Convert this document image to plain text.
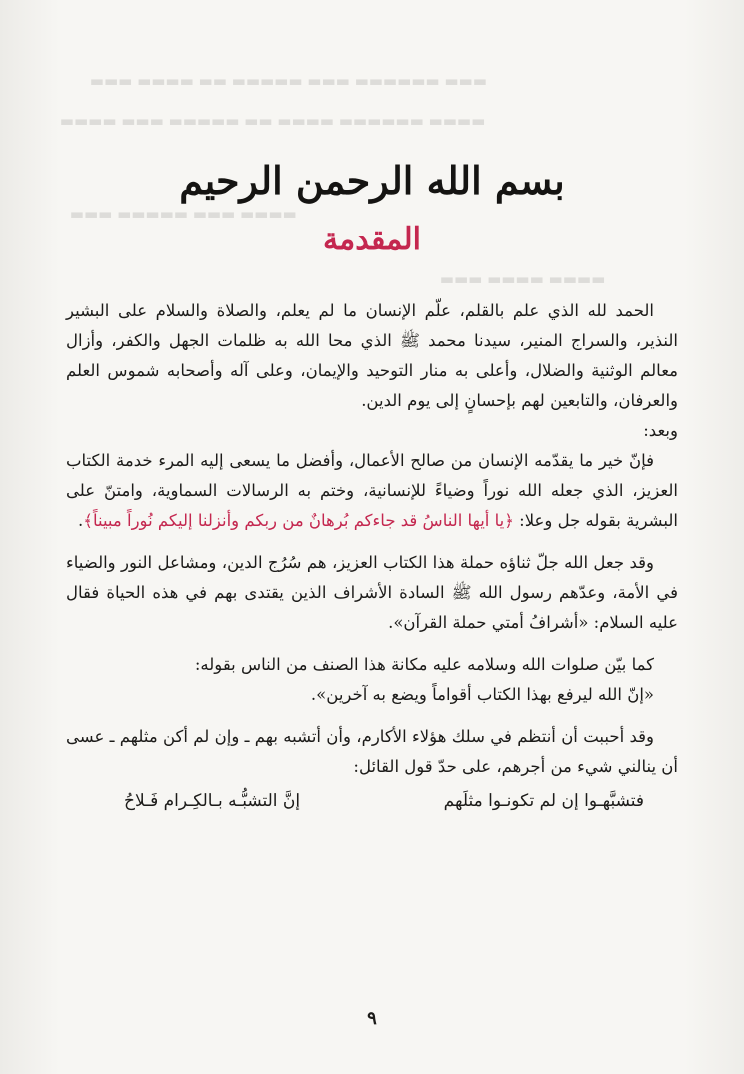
▬▬▬ ▬▬▬▬ ▬▬ ▬▬▬▬▬ ▬▬▬ ▬▬▬▬▬▬ ▬▬▬
▬▬▬▬ ▬▬▬ ▬▬▬▬▬ ▬▬ ▬▬▬▬ ▬▬▬▬▬▬ ▬▬▬▬
▬▬▬ ▬▬▬▬▬ ▬▬▬ ▬▬▬▬
▬▬▬ ▬▬▬▬ ▬▬▬▬
بسم الله الرحمن الرحيم
المقدمة

الحمد لله الذي علم بالقلم، علّم الإنسان ما لم يعلم، والصلاة والسلام على البشير النذير، والسراج المنير، سيدنا محمد ﷺ الذي محا الله به ظلمات الجهل والكفر، وأزال معالم الوثنية والضلال، وأعلى به منار التوحيد والإيمان، وعلى آله وأصحابه شموس العلم والعرفان، والتابعين لهم بإحسانٍ إلى يوم الدين.

وبعد:

فإنّ خير ما يقدّمه الإنسان من صالح الأعمال، وأفضل ما يسعى إليه المرء خدمة الكتاب العزيز، الذي جعله الله نوراً وضياءً للإنسانية، وختم به الرسالات السماوية، وامتنّ على البشرية بقوله جل وعلا: ﴿يا أيها الناسُ قد جاءكم بُرهانٌ من ربكم وأنزلنا إليكم نُوراً مبيناً﴾.

وقد جعل الله جلّ ثناؤه حملة هذا الكتاب العزيز، هم سُرُج الدين، ومشاعل النور والضياء في الأمة، وعدّهم رسول الله ﷺ السادة الأشراف الذين يقتدى بهم في هذه الحياة فقال عليه السلام: «أشرافُ أمتي حملة القرآن».

كما بيّن صلوات الله وسلامه عليه مكانة هذا الصنف من الناس بقوله:

«إنّ الله ليرفع بهذا الكتاب أقواماً ويضع به آخرين».

وقد أحببت أن أنتظم في سلك هؤلاء الأكارم، وأن أتشبه بهم ـ وإن لم أكن مثلهم ـ عسى أن ينالني شيء من أجرهم، على حدّ قول القائل:

فتشبَّهـوا إن لم تكونـوا مثلَهم
إنَّ التشبُّـه بـالكِـرام فَـلاحُ
٩
